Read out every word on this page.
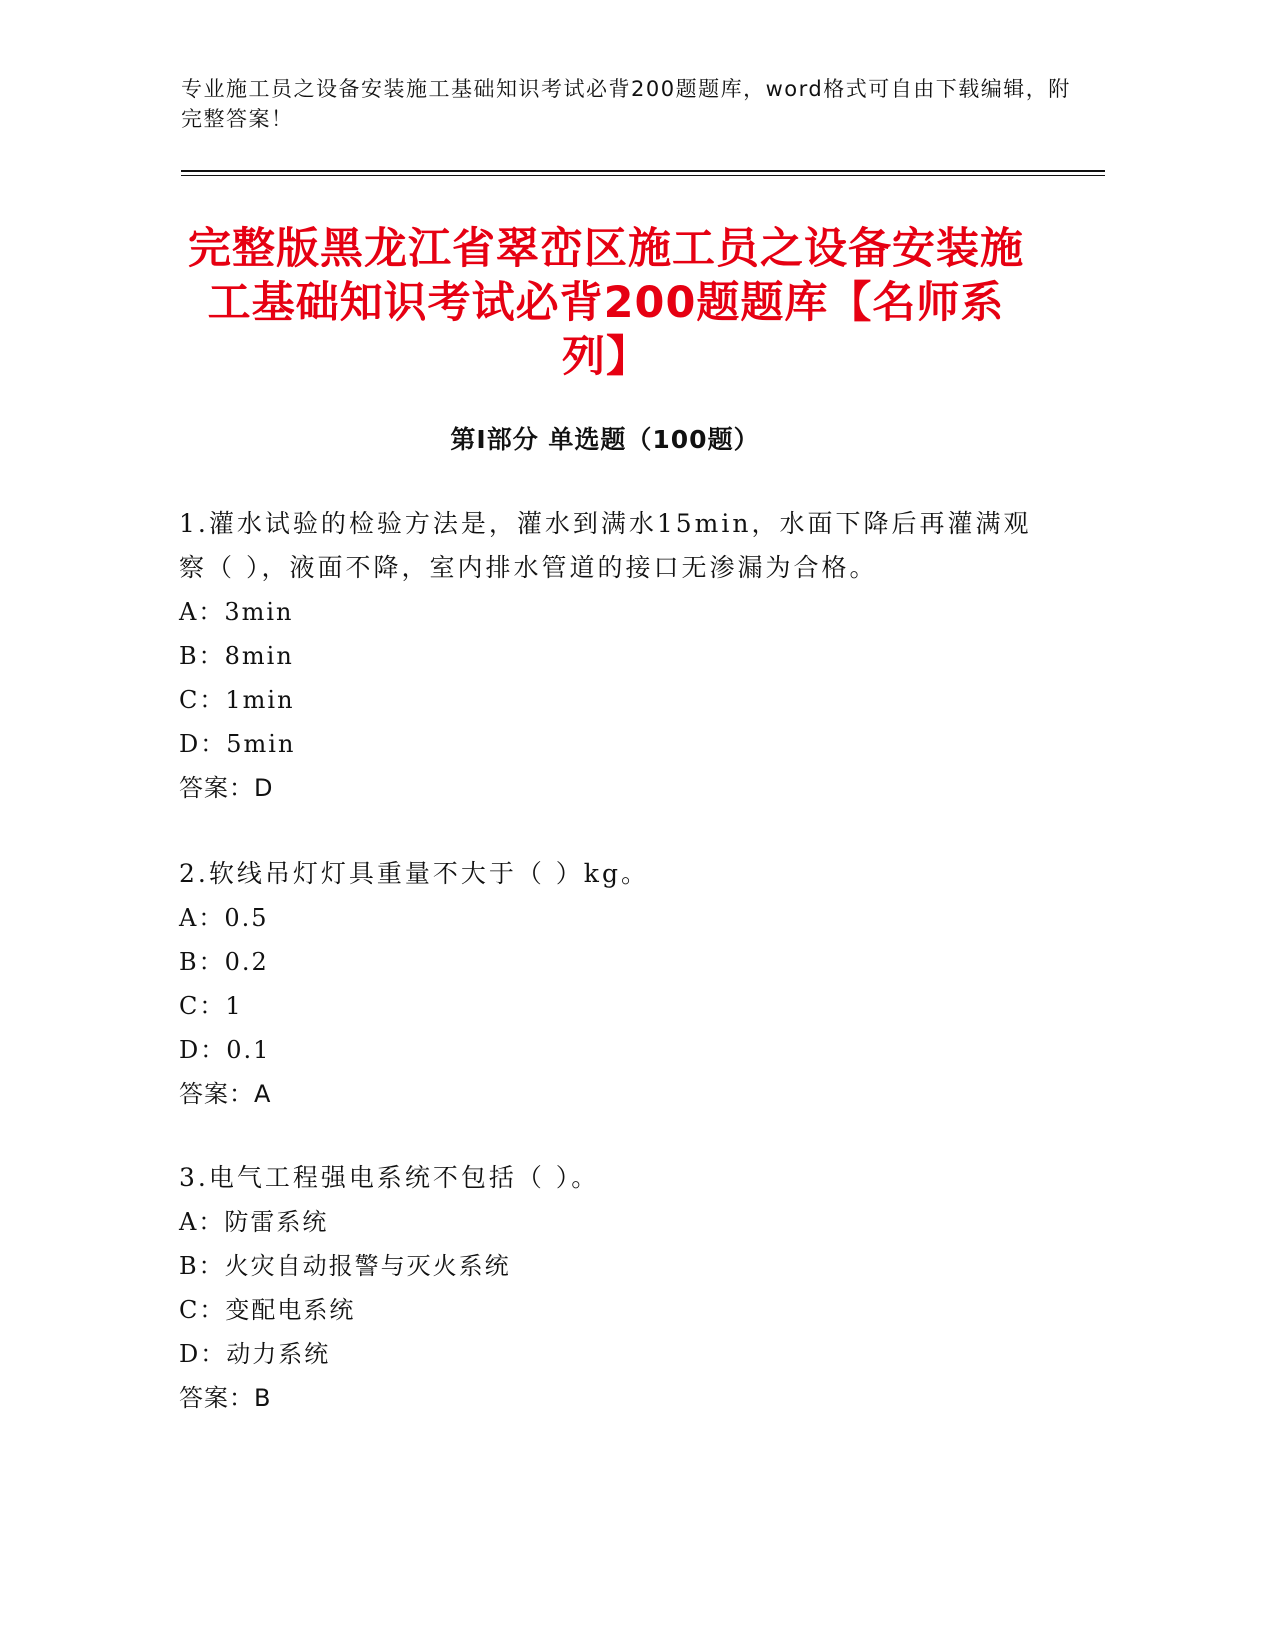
专业施工员之设备安装施工基础知识考试必背200题题库，word格式可自由下载编辑，附完整答案！
完整版黑龙江省翠峦区施工员之设备安装施工基础知识考试必背200题题库【名师系列】
第Ⅰ部分 单选题（100题）

1.灌水试验的检验方法是，灌水到满水15min，水面下降后再灌满观察（ ），液面不降，室内排水管道的接口无渗漏为合格。

A：3min

B：8min

C：1min

D：5min

答案：D

2.软线吊灯灯具重量不大于（ ）kg。

A：0.5

B：0.2

C：1

D：0.1

答案：A

3.电气工程强电系统不包括（ ）。

A：防雷系统

B：火灾自动报警与灭火系统

C：变配电系统

D：动力系统

答案：B
